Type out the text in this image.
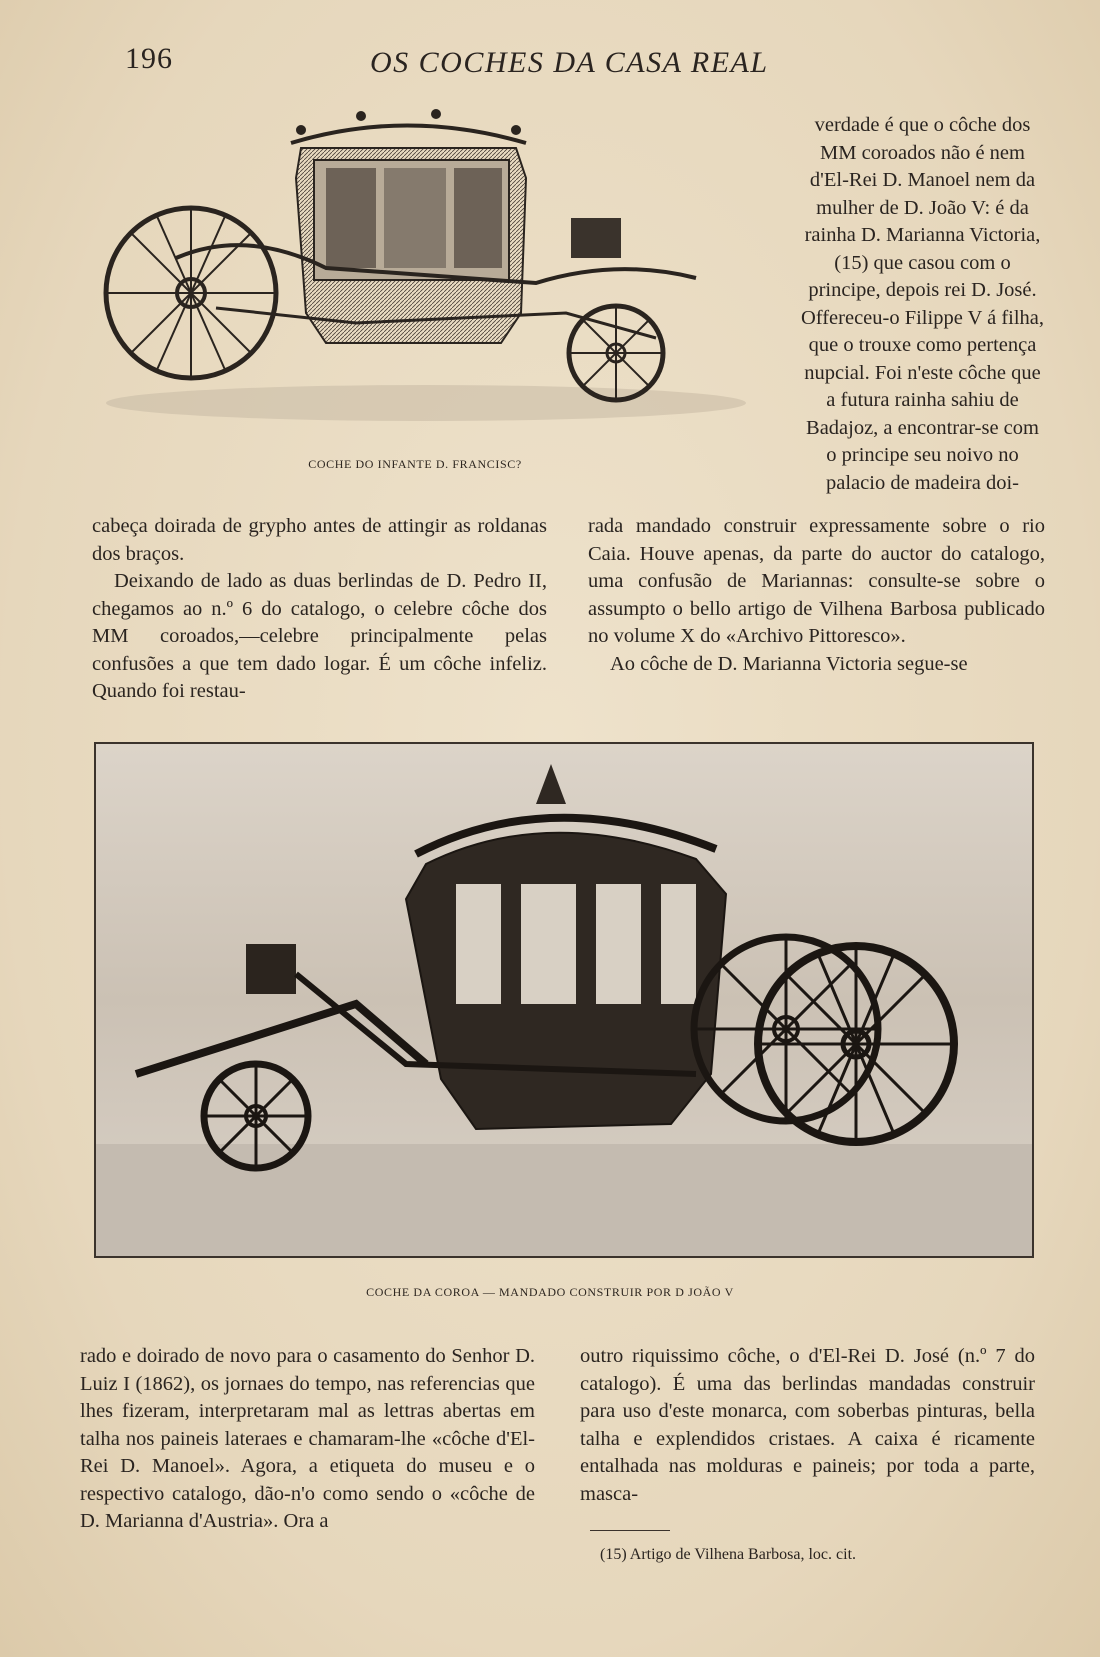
196	OS COCHES DA CASA REAL
COCHE DO INFANTE D. FRANCISC?

verdade é que o côche dos MM coroados não é nem d'El-Rei D. Manoel nem da mulher de D. João V: é da rainha D. Marianna Victoria, (15) que casou com o principe, depois rei D. José. Offereceu-o Filippe V á filha, que o trouxe como pertença nupcial. Foi n'este côche que a futura rainha sahiu de Badajoz, a encontrar-se com o principe seu noivo no palacio de madeira doi-

cabeça doirada de grypho antes de attingir as roldanas dos braços.

Deixando de lado as duas berlindas de D. Pedro II, chegamos ao n.º 6 do catalogo, o celebre côche dos MM coroados,—celebre principalmente pelas confusões a que tem dado logar. É um côche infeliz. Quando foi restau-

rada mandado construir expressamente sobre o rio Caia. Houve apenas, da parte do auctor do catalogo, uma confusão de Mariannas: consulte-se sobre o assumpto o bello artigo de Vilhena Barbosa publicado no volume X do «Archivo Pittoresco».

Ao côche de D. Marianna Victoria segue-se

COCHE DA COROA — MANDADO CONSTRUIR POR D JOÃO V

rado e doirado de novo para o casamento do Senhor D. Luiz I (1862), os jornaes do tempo, nas referencias que lhes fizeram, interpretaram mal as lettras abertas em talha nos paineis lateraes e chamaram-lhe «côche d'El-Rei D. Manoel». Agora, a etiqueta do museu e o respectivo catalogo, dão-n'o como sendo o «côche de D. Marianna d'Austria». Ora a

outro riquissimo côche, o d'El-Rei D. José (n.º 7 do catalogo). É uma das berlindas mandadas construir para uso d'este monarca, com soberbas pinturas, bella talha e explendidos cristaes. A caixa é ricamente entalhada nas molduras e paineis; por toda a parte, masca-

(15) Artigo de Vilhena Barbosa, loc. cit.
